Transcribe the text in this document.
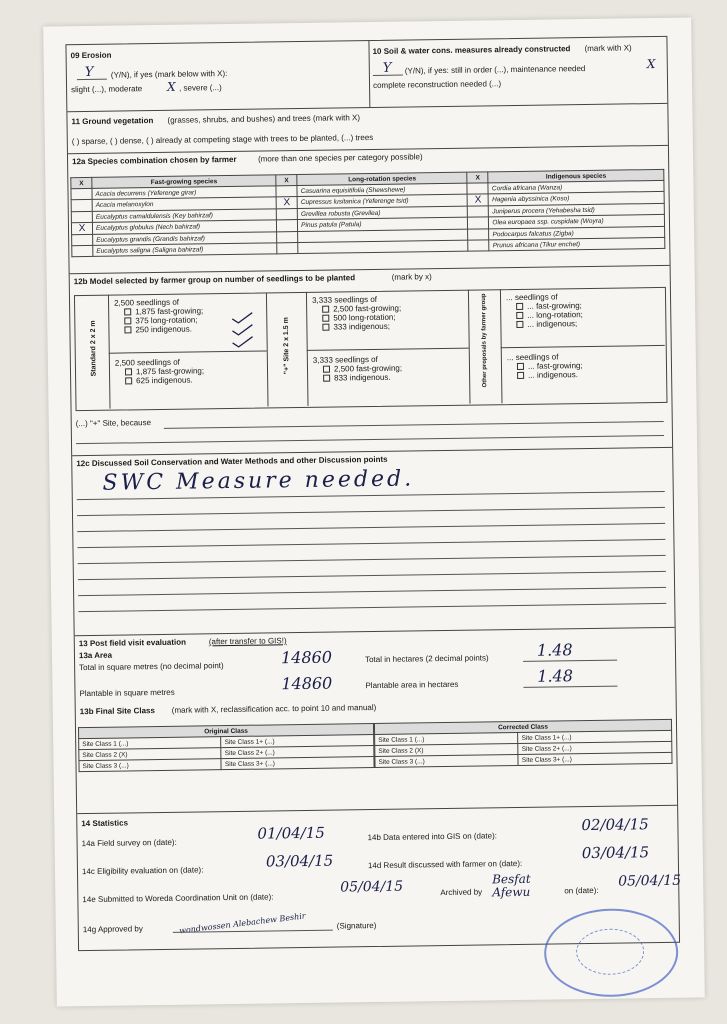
09 Erosion
Y (Y/N), if yes (mark below with X):
slight (...), moderate X , severe (...)
10 Soil & water cons. measures already constructed (mark with X)
Y (Y/N), if yes: still in order (...), maintenance needed	X
complete reconstruction needed (...)
11 Ground vegetation (grasses, shrubs, and bushes) and trees (mark with X)
( ) sparse, ( ) dense, ( ) already at competing stage with trees to be planted, (...) trees
12a Species combination chosen by farmer	(more than one species per category possible)
X	Fast-growing species	X	Long-rotation species	X	Indigenous species
	Acacia decurrens (Yeferenge girar)		Casuarina equisitifolia (Shewshewe)		Cordia africana (Wanza)
	Acacia melanoxylon	X	Cupressus lusitanica (Yeferenge tsid)	X	Hagenia abyssinica (Koso)
	Eucalyptus camaldulensis (Key bahirzaf)		Grevillea robusta (Grevilea)		Juniperus procera (Yehabesha tsid)
X	Eucalyptus globulus (Nech bahirzaf)		Pinus patula (Patula)		Olea europaea ssp. cuspidate (Woyra)
	Eucalyptus grandis (Grandis bahirzaf)				Podocarpus falcatus (Zigba)
	Eucalyptus saligna (Saligna bahirzaf)				Prunus africana (Tikur enchet)
12b Model selected by farmer group on number of seedlings to be planted	(mark by x)
Standard 2 x 2 m	"+" Site 2 x 1.5 m	Other proposals by farmer group
2,500 seedlings of
1,875 fast-growing;
375 long-rotation;
250 indigenous.
2,500 seedlings of
1,875 fast-growing;
625 indigenous.
3,333 seedlings of
2,500 fast-growing;
500 long-rotation;
333 indigenous;
3,333 seedlings of
2,500 fast-growing;
833 indigenous.
... seedlings of
... fast-growing;
... long-rotation;
... indigenous;
... seedlings of
... fast-growing;
... indigenous.
(...) "+" Site, because
12c Discussed Soil Conservation and Water Methods and other Discussion points
SWC Measure needed.
13 Post field visit evaluation	(after transfer to GIS!)
13a Area
Total in square metres (no decimal point)	14860	Total in hectares (2 decimal points)	1.48
Plantable in square metres	14860	Plantable area in hectares	1.48
13b Final Site Class (mark with X, reclassification acc. to point 10 and manual)
Original Class	
Site Class 1 (...)	Site Class 1+ (...)
Site Class 2 (X)	Site Class 2+ (...)
Site Class 3 (...)	Site Class 3+ (...)
Corrected Class	
Site Class 1 (...)	Site Class 1+ (...)
Site Class 2 (X)	Site Class 2+ (...)
Site Class 3 (...)	Site Class 3+ (...)
14 Statistics
14a Field survey on (date):
01/04/15	14b Data entered into GIS on (date):
02/04/15
14c Eligibility evaluation on (date):
03/04/15	14d Result discussed with farmer on (date):
03/04/15
14e Submitted to Woreda Coordination Unit on (date):
05/04/15	Archived by
Besfat Afewu	on (date):
05/04/15
14g Approved by	wondwossen Alebachew Beshir	(Signature)
